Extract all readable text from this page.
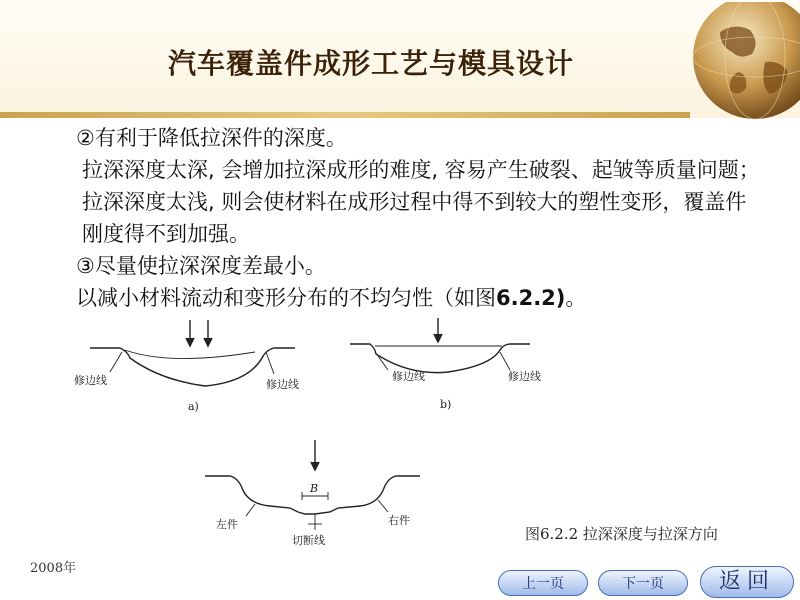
汽车覆盖件成形工艺与模具设计

②有利于降低拉深件的深度。

拉深深度太深, 会增加拉深成形的难度, 容易产生破裂、起皱等质量问题；拉深深度太浅, 则会使材料在成形过程中得不到较大的塑性变形，覆盖件刚度得不到加强。

③尽量使拉深深度差最小。

以减小材料流动和变形分布的不均匀性（如图6.2.2)。

修边线	修边线
a)
修边线	修边线
b)
B
左件	右件
切断线	图6.2.2 拉深深度与拉深方向
2008年
上一页	下一页	返回
